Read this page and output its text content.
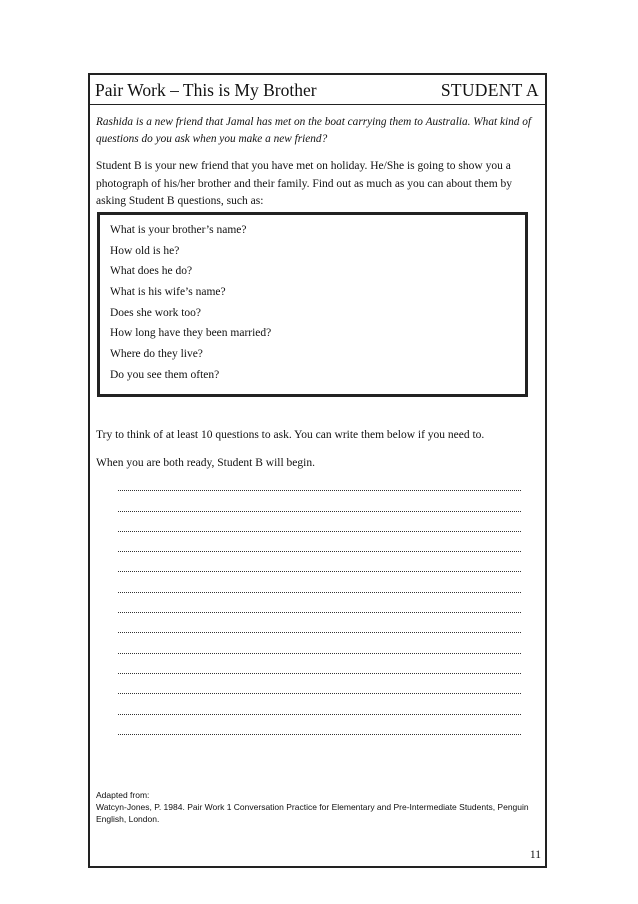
Pair Work – This is My Brother	STUDENT A
Rashida is a new friend that Jamal has met on the boat carrying them to Australia. What kind of questions do you ask when you make a new friend?
Student B is your new friend that you have met on holiday. He/She is going to show you a photograph of his/her brother and their family. Find out as much as you can about them by asking Student B questions, such as:
What is your brother’s name?
How old is he?
What does he do?
What is his wife’s name?
Does she work too?
How long have they been married?
Where do they live?
Do you see them often?
Try to think of at least 10 questions to ask. You can write them below if you need to.
When you are both ready, Student B will begin.
Adapted from:
Watcyn-Jones, P. 1984. Pair Work 1 Conversation Practice for Elementary and Pre-Intermediate Students, Penguin English, London.
11
